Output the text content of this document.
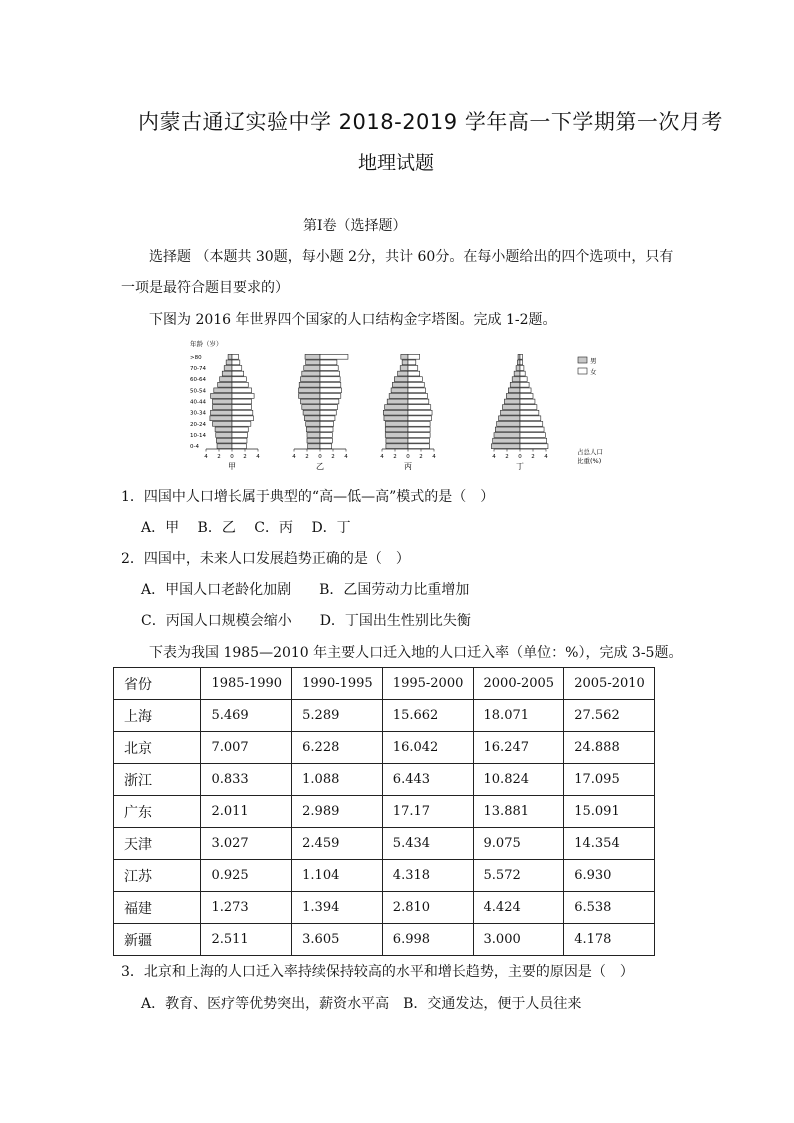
内蒙古通辽实验中学 2018-2019 学年高一下学期第一次月考
地理试题
第Ⅰ卷（选择题）
选择题 （本题共 30题，每小题 2分，共计 60分。在每小题给出的四个选项中，只有
一项是最符合题目要求的）
下图为 2016 年世界四个国家的人口结构金字塔图。完成 1-2题。
年龄（岁）
>80
70-74
60-64
50-54
40-44
30-34
20-24
10-14
0-4
4 2 0 2 4
甲
4 2 0 2 4
乙
4 2 0 2 4
丙
4 2 0 2 4
丁
男
女
占总人口
比重(%)
1．四国中人口增长属于典型的“高—低—高”模式的是（　）
A．甲　 B．乙　 C．丙　 D．丁
2．四国中，未来人口发展趋势正确的是（　）
A．甲国人口老龄化加剧　　B．乙国劳动力比重增加
C．丙国人口规模会缩小　　D．丁国出生性别比失衡
下表为我国 1985—2010 年主要人口迁入地的人口迁入率（单位：%），完成 3-5题。
省份	1985-1990	1990-1995	1995-2000	2000-2005	2005-2010
上海	5.469	5.289	15.662	18.071	27.562
北京	7.007	6.228	16.042	16.247	24.888
浙江	0.833	1.088	6.443	10.824	17.095
广东	2.011	2.989	17.17	13.881	15.091
天津	3.027	2.459	5.434	9.075	14.354
江苏	0.925	1.104	4.318	5.572	6.930
福建	1.273	1.394	2.810	4.424	6.538
新疆	2.511	3.605	6.998	3.000	4.178
3．北京和上海的人口迁入率持续保持较高的水平和增长趋势，主要的原因是（　）
A．教育、医疗等优势突出，薪资水平高　B．交通发达，便于人员往来
